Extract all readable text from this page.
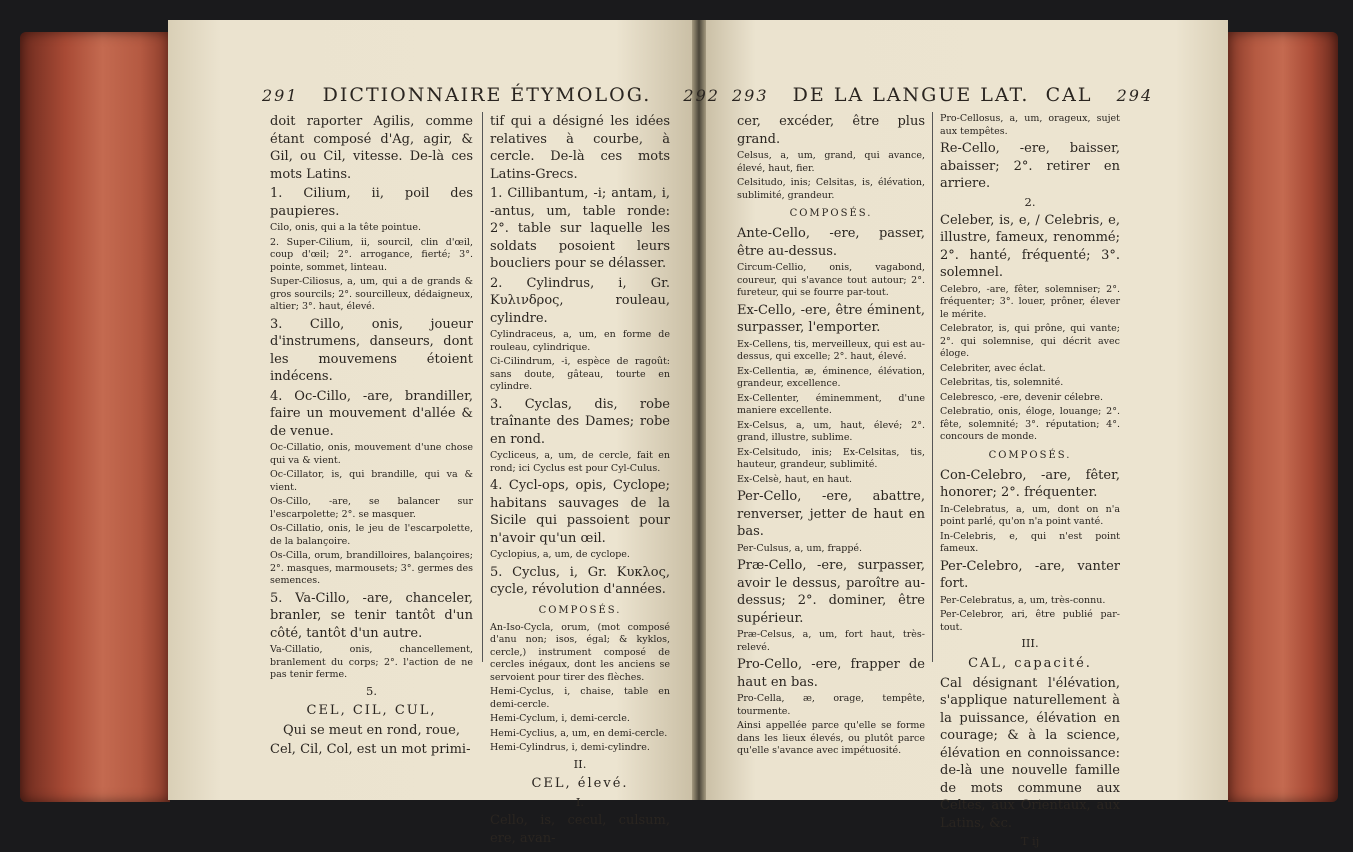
291 DICTIONNAIRE ÉTYMOLOG. 292 293 DE LA LANGUE LAT. CAL 294

doit raporter Agilis, comme étant composé d'Ag, agir, & Gil, ou Cil, vitesse. De-là ces mots Latins.

1. Cilium, ii, poil des paupieres.

Cilo, onis, qui a la tête pointue.

2. Super-Cilium, ii, sourcil, clin d'œil, coup d'œil; 2°. arrogance, fierté; 3°. pointe, sommet, linteau.

Super-Ciliosus, a, um, qui a de grands & gros sourcils; 2°. sourcilleux, dédaigneux, altier; 3°. haut, élevé.

3. Cillo, onis, joueur d'instrumens, danseurs, dont les mouvemens étoient indécens.

4. Oc-Cillo, -are, brandiller, faire un mouvement d'allée & de venue.

Oc-Cillatio, onis, mouvement d'une chose qui va & vient.

Oc-Cillator, is, qui brandille, qui va & vient.

Os-Cillo, -are, se balancer sur l'escarpolette; 2°. se masquer.

Os-Cillatio, onis, le jeu de l'escarpolette, de la balançoire.

Os-Cilla, orum, brandilloires, balançoires; 2°. masques, marmousets; 3°. germes des semences.

5. Va-Cillo, -are, chanceler, branler, se tenir tantôt d'un côté, tantôt d'un autre.

Va-Cillatio, onis, chancellement, branlement du corps; 2°. l'action de ne pas tenir ferme.

5.

CEL, CIL, CUL,

Qui se meut en rond, roue,

Cel, Cil, Col, est un mot primi-

tif qui a désigné les idées relatives à courbe, à cercle. De-là ces mots Latins-Grecs.

1. Cillibantum, -i; antam, i, -antus, um, table ronde: 2°. table sur laquelle les soldats posoient leurs boucliers pour se délasser.

2. Cylindrus, i, Gr. Κυλινδρος, rouleau, cylindre.

Cylindraceus, a, um, en forme de rouleau, cylindrique.

Ci-Cilindrum, -i, espèce de ragoût: sans doute, gâteau, tourte en cylindre.

3. Cyclas, dis, robe traînante des Dames; robe en rond.

Cycliceus, a, um, de cercle, fait en rond; ici Cyclus est pour Cyl-Culus.

4. Cycl-ops, opis, Cyclope; habitans sauvages de la Sicile qui passoient pour n'avoir qu'un œil.

Cyclopius, a, um, de cyclope.

5. Cyclus, i, Gr. Κυκλος, cycle, révolution d'années.

COMPOSÉS.

An-Iso-Cycla, orum, (mot composé d'anu non; isos, égal; & kyklos, cercle,) instrument composé de cercles inégaux, dont les anciens se servoient pour tirer des flèches.

Hemi-Cyclus, i, chaise, table en demi-cercle.

Hemi-Cyclum, i, demi-cercle.

Hemi-Cyclius, a, um, en demi-cercle.

Hemi-Cylindrus, i, demi-cylindre.

II.

CEL, élevé.

I.

Cello, is, cecul, culsum, ere, avan-

cer, excéder, être plus grand.

Celsus, a, um, grand, qui avance, élevé, haut, fier.

Celsitudo, inis; Celsitas, is, élévation, sublimité, grandeur.

COMPOSÉS.

Ante-Cello, -ere, passer, être au-dessus.

Circum-Cellio, onis, vagabond, coureur, qui s'avance tout autour; 2°. fureteur, qui se fourre par-tout.

Ex-Cello, -ere, être éminent, surpasser, l'emporter.

Ex-Cellens, tis, merveilleux, qui est au-dessus, qui excelle; 2°. haut, élevé.

Ex-Cellentia, æ, éminence, élévation, grandeur, excellence.

Ex-Cellenter, éminemment, d'une maniere excellente.

Ex-Celsus, a, um, haut, élevé; 2°. grand, illustre, sublime.

Ex-Celsitudo, inis; Ex-Celsitas, tis, hauteur, grandeur, sublimité.

Ex-Celsè, haut, en haut.

Per-Cello, -ere, abattre, renverser, jetter de haut en bas.

Per-Culsus, a, um, frappé.

Præ-Cello, -ere, surpasser, avoir le dessus, paroître au-dessus; 2°. dominer, être supérieur.

Præ-Celsus, a, um, fort haut, très-relevé.

Pro-Cello, -ere, frapper de haut en bas.

Pro-Cella, æ, orage, tempête, tourmente.

Ainsi appellée parce qu'elle se forme dans les lieux élevés, ou plutôt parce qu'elle s'avance avec impétuosité.

Pro-Cellosus, a, um, orageux, sujet aux tempêtes.

Re-Cello, -ere, baisser, abaisser; 2°. retirer en arriere.

2.

Celeber, is, e, / Celebris, e, illustre, fameux, renommé; 2°. hanté, fréquenté; 3°. solemnel.

Celebro, -are, fêter, solemniser; 2°. fréquenter; 3°. louer, prôner, élever le mérite.

Celebrator, is, qui prône, qui vante; 2°. qui solemnise, qui décrit avec éloge.

Celebriter, avec éclat.

Celebritas, tis, solemnité.

Celebresco, -ere, devenir célebre.

Celebratio, onis, éloge, louange; 2°. fête, solemnité; 3°. réputation; 4°. concours de monde.

COMPOSÉS.

Con-Celebro, -are, fêter, honorer; 2°. fréquenter.

In-Celebratus, a, um, dont on n'a point parlé, qu'on n'a point vanté.

In-Celebris, e, qui n'est point fameux.

Per-Celebro, -are, vanter fort.

Per-Celebratus, a, um, très-connu.

Per-Celebror, ari, être publié par-tout.

III.

CAL, capacité.

Cal désignant l'élévation, s'applique naturellement à la puissance, élévation en courage; & à la science, élévation en connoissance: de-là une nouvelle famille de mots commune aux Celtes, aux Orientaux, aux Latins, &c.

T ij
